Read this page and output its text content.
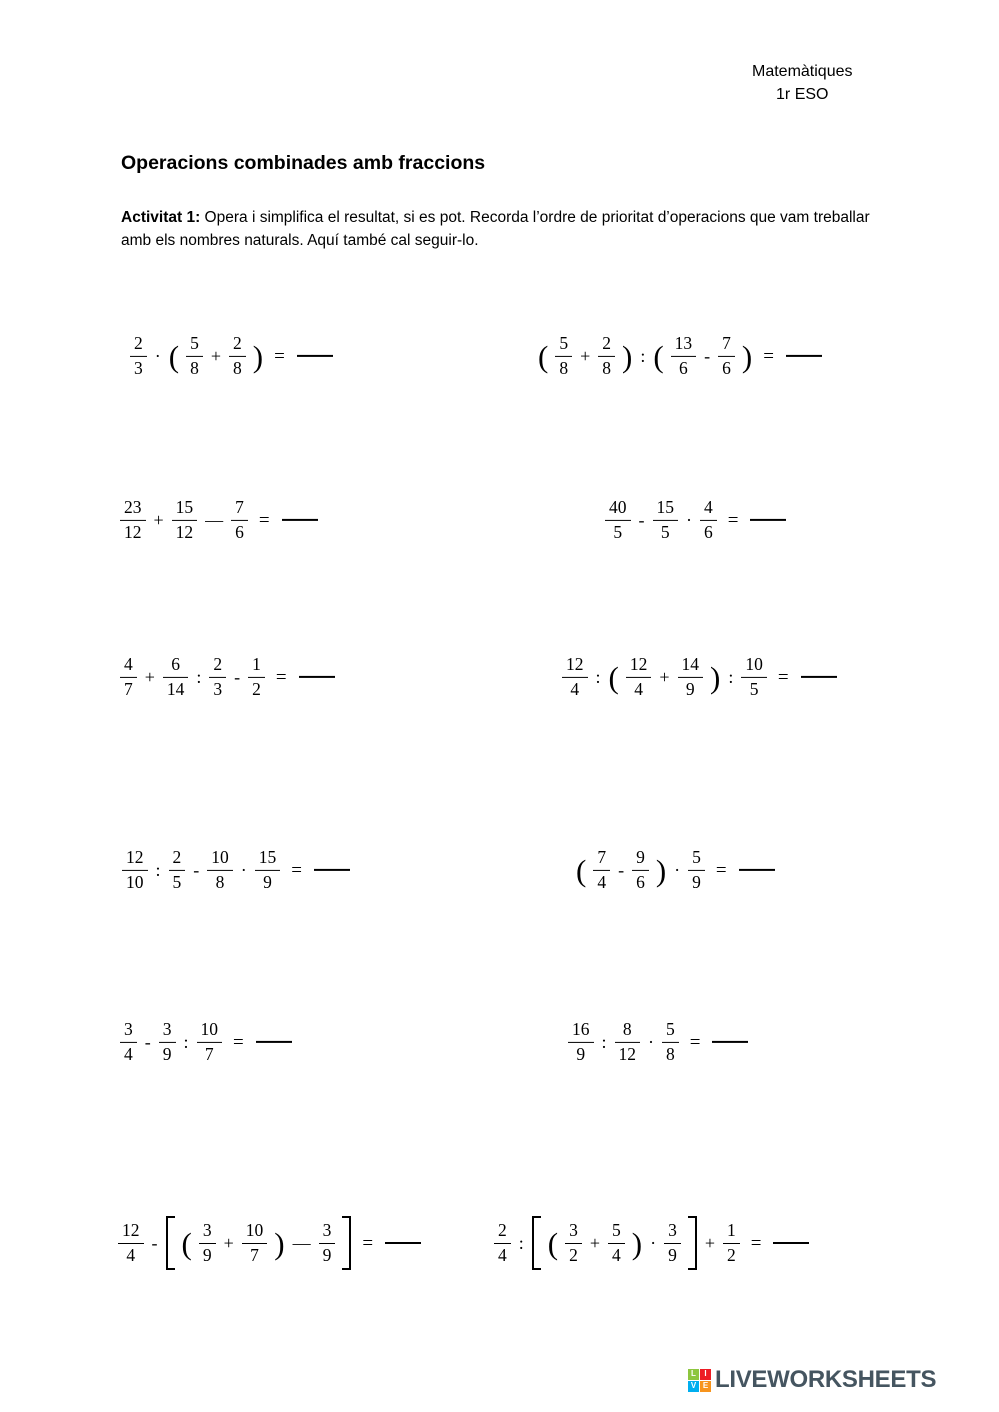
Matemàtiques
1r ESO
Operacions combinades amb fraccions

Activitat 1: Opera i simplifica el resultat, si es pot. Recorda l’ordre de prioritat d’operacions que vam treballar amb els nombres naturals. Aquí també cal seguir-lo.

$\frac{2}{3}$ · ( $\frac{5}{8} + \frac{2}{8}$ ) =	( $\frac{5}{8} + \frac{2}{8}$ ) : ( $\frac{13}{6} - \frac{7}{6}$ ) =
$\frac{23}{12} + \frac{15}{12}$ — $\frac{7}{6}$ =	$\frac{40}{5} - \frac{15}{5} \cdot \frac{4}{6}$ =
$\frac{4}{7} + \frac{6}{14}$ : $\frac{2}{3} - \frac{1}{2}$ =	$\frac{12}{4}$ : ( $\frac{12}{4} + \frac{14}{9}$ ) : $\frac{10}{5}$ =
$\frac{12}{10}$ : $\frac{2}{5} - \frac{10}{8} \cdot \frac{15}{9}$ =	( $\frac{7}{4} - \frac{9}{6}$ ) · $\frac{5}{9}$ =
$\frac{3}{4} - \frac{3}{9}$ : $\frac{10}{7}$ =	$\frac{16}{9}$ : $\frac{8}{12} \cdot \frac{5}{8}$ =
$\frac{12}{4}$ - ( $\frac{3}{9} + \frac{10}{7}$ ) — $\frac{3}{9}$ =	$\frac{2}{4}$ : ( $\frac{3}{2} + \frac{5}{4}$ ) · $\frac{3}{9} + \frac{1}{2}$ =
L	I
V E LIVEWORKSHEETS
